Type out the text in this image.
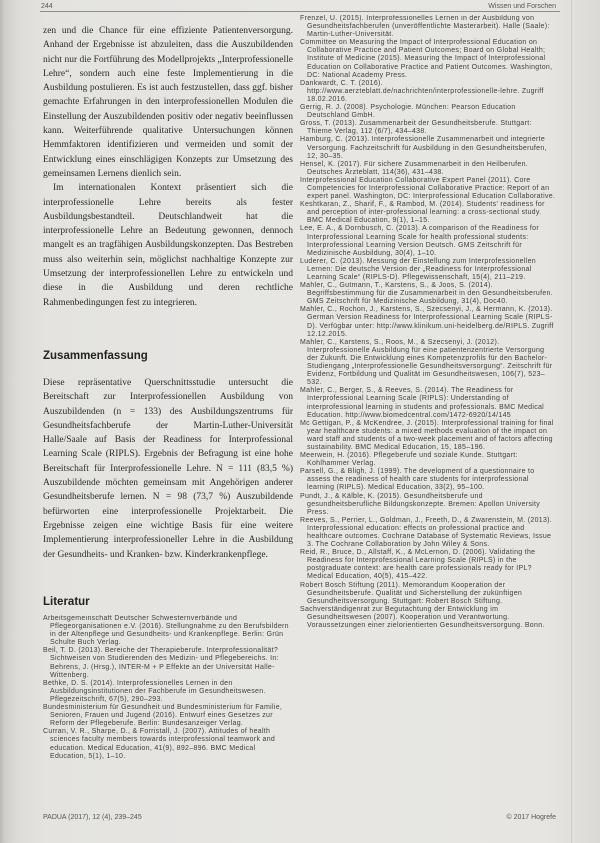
244	Wissen und Forschen

zen und die Chance für eine effiziente Patientenversorgung. Anhand der Ergebnisse ist abzuleiten, dass die Auszubildenden nicht nur die Fortführung des Modellprojekts „Interprofessionelle Lehre“, sondern auch eine feste Implementierung in die Ausbildung postulieren. Es ist auch festzustellen, dass ggf. bisher gemachte Erfahrungen in den interprofessionellen Modulen die Einstellung der Auszubildenden positiv oder negativ beeinflussen kann. Weiterführende qualitative Untersuchungen können Hemmfaktoren identifizieren und vermeiden und somit der Entwicklung eines einschlägigen Konzepts zur Umsetzung des gemeinsamen Lernens dienlich sein.

Im internationalen Kontext präsentiert sich die interprofessionelle Lehre bereits als fester Ausbildungsbestandteil. Deutschlandweit hat die interprofessionelle Lehre an Bedeutung gewonnen, dennoch mangelt es an tragfähigen Ausbildungskonzepten. Das Bestreben muss also weiterhin sein, möglichst nachhaltige Konzepte zur Umsetzung der interprofessionellen Lehre zu entwickeln und diese in die Ausbildung und deren rechtliche Rahmenbedingungen fest zu integrieren.

Zusammenfassung

Diese repräsentative Querschnittsstudie untersucht die Bereitschaft zur Interprofessionellen Ausbildung von Auszubildenden (n = 133) des Ausbildungszentrums für Gesundheitsfachberufe der Martin-Luther-Universität Halle/Saale auf Basis der Readiness for Interprofessional Learning Scale (RIPLS). Ergebnis der Befragung ist eine hohe Bereitschaft für Interprofessionelle Lehre. N = 111 (83,5 %) Auszubildende möchten gemeinsam mit Angehörigen anderer Gesundheitsberufe lernen. N = 98 (73,7 %) Auszubildende befürworten eine interprofessionelle Projektarbeit. Die Ergebnisse zeigen eine wichtige Basis für eine weitere Implementierung interprofessioneller Lehre in die Ausbildung der Gesundheits- und Kranken- bzw. Kinderkrankenpflege.

Literatur

Arbeitsgemeinschaft Deutscher Schwesternverbände und Pflegeorganisationen e.V. (2016). Stellungnahme zu den Berufsbildern in der Altenpflege und Gesundheits- und Krankenpflege. Berlin: Grün Schulte Buch Verlag.

Beil, T. D. (2013). Bereiche der Therapieberufe. Interprofessionalität? Sichtweisen von Studierenden des Medizin- und Pflegebereichs. In: Behrens, J. (Hrsg.), INTER-M + P Effekte an der Universität Halle-Wittenberg.

Bethke, D. S. (2014). Interprofessionelles Lernen in den Ausbildungsinstitutionen der Fachberufe im Gesundheitswesen. Pflegezeitschrift, 67(5), 290–293.

Bundesministerium für Gesundheit und Bundesministerium für Familie, Senioren, Frauen und Jugend (2016). Entwurf eines Gesetzes zur Reform der Pflegeberufe. Berlin: Bundesanzeiger Verlag.

Curran, V. R., Sharpe, D., & Forristall, J. (2007). Attitudes of health sciences faculty members towards interprofessional teamwork and education. Medical Education, 41(9), 892–896. BMC Medical Education, 5(1), 1–10.

Frenzel, U. (2015). Interprofessionelles Lernen in der Ausbildung von Gesundheitsfachberufen (unveröffentlichte Masterarbeit). Halle (Saale): Martin-Luther-Universität.

Committee on Measuring the Impact of Interprofessional Education on Collaborative Practice and Patient Outcomes; Board on Global Health; Institute of Medicine (2015). Measuring the Impact of Interprofessional Education on Collaborative Practice and Patient Outcomes. Washington, DC: National Academy Press.

Dankwardt, C. T. (2016). http://www.aerzteblatt.de/nachrichten/interprofessionelle-lehre. Zugriff 18.02.2016.

Gerrig, R. J. (2008). Psychologie. München: Pearson Education Deutschland GmbH.

Gross, T. (2013). Zusammenarbeit der Gesundheitsberufe. Stuttgart: Thieme Verlag, 112 (6/7), 434–438.

Hamburg, C. (2013). Interprofessionelle Zusammenarbeit und integrierte Versorgung. Fachzeitschrift für Ausbildung in den Gesundheitsberufen, 12, 30–35.

Hensel, K. (2017). Für sichere Zusammenarbeit in den Heilberufen. Deutsches Ärzteblatt, 114(36), 431–438.

Interprofessional Education Collaborative Expert Panel (2011). Core Competencies for Interprofessional Collaborative Practice: Report of an expert panel. Washington, DC: Interprofessional Education Collaborative.

Keshtkaran, Z., Sharif, F., & Rambod, M. (2014). Students' readiness for and perception of inter-professional learning: a cross-sectional study. BMC Medical Education, 9(1), 1–15.

Lee, E. A., & Dornbusch, C. (2013). A comparison of the Readiness for Interprofessional Learning Scale for health professional students: Interprofessional Learning Version Deutsch. GMS Zeitschrift für Medizinische Ausbildung, 30(4), 1–10.

Luderer, C. (2013). Messung der Einstellung zum Interprofessionellen Lernen: Die deutsche Version der „Readiness for Interprofessional Learning Scale“ (RIPLS-D). Pflegewissenschaft, 15(4), 211–219.

Mahler, C., Gutmann, T., Karstens, S., & Joos, S. (2014). Begriffsbestimmung für die Zusammenarbeit in den Gesundheitsberufen. GMS Zeitschrift für Medizinische Ausbildung, 31(4), Doc40.

Mahler, C., Rochon, J., Karstens, S., Szecsenyi, J., & Hermann, K. (2013). German Version Readiness for Interprofessional Learning Scale (RIPLS-D). Verfügbar unter: http://www.klinikum.uni-heidelberg.de/RIPLS. Zugriff 12.12.2015.

Mahler, C., Karstens, S., Roos, M., & Szecsenyi, J. (2012). Interprofessionelle Ausbildung für eine patientenzentrierte Versorgung der Zukunft. Die Entwicklung eines Kompetenzprofils für den Bachelor-Studiengang „Interprofessionelle Gesundheitsversorgung“. Zeitschrift für Evidenz, Fortbildung und Qualität im Gesundheitswesen, 106(7), 523–532.

Mahler, C., Berger, S., & Reeves, S. (2014). The Readiness for Interprofessional Learning Scale (RIPLS): Understanding of interprofessional learning in students and professionals. BMC Medical Education. http://www.biomedcentral.com/1472-6920/14/145

Mc Gettigan, P., & McKendree, J. (2015). Interprofessional training for final year healthcare students: a mixed methods evaluation of the impact on ward staff and students of a two-week placement and of factors affecting sustainability. BMC Medical Education, 15, 185–196.

Meerwein, H. (2016). Pflegeberufe und soziale Kunde. Stuttgart: Kohlhammer Verlag.

Parsell, G., & Bligh, J. (1999). The development of a questionnaire to assess the readiness of health care students for interprofessional learning (RIPLS). Medical Education, 33(2), 95–100.

Pundt, J., & Kälble, K. (2015). Gesundheitsberufe und gesundheitsberufliche Bildungskonzepte. Bremen: Apollon University Press.

Reeves, S., Perrier, L., Goldman, J., Freeth, D., & Zwarenstein, M. (2013). Interprofessional education: effects on professional practice and healthcare outcomes. Cochrane Database of Systematic Reviews, Issue 3. The Cochrane Collaboration by John Wiley & Sons.

Reid, R., Bruce, D., Allstaff, K., & McLernon, D. (2006). Validating the Readiness for Interprofessional Learning Scale (RIPLS) in the postgraduate context: are health care professionals ready for IPL? Medical Education, 40(5), 415–422.

Robert Bosch Stiftung (2011). Memorandum Kooperation der Gesundheitsberufe. Qualität und Sicherstellung der zukünftigen Gesundheitsversorgung. Stuttgart: Robert Bosch Stiftung.

Sachverständigenrat zur Begutachtung der Entwicklung im Gesundheitswesen (2007). Kooperation und Verantwortung. Voraussetzungen einer zielorientierten Gesundheitsversorgung. Bonn.

PADUA (2017), 12 (4), 239–245	© 2017 Hogrefe
